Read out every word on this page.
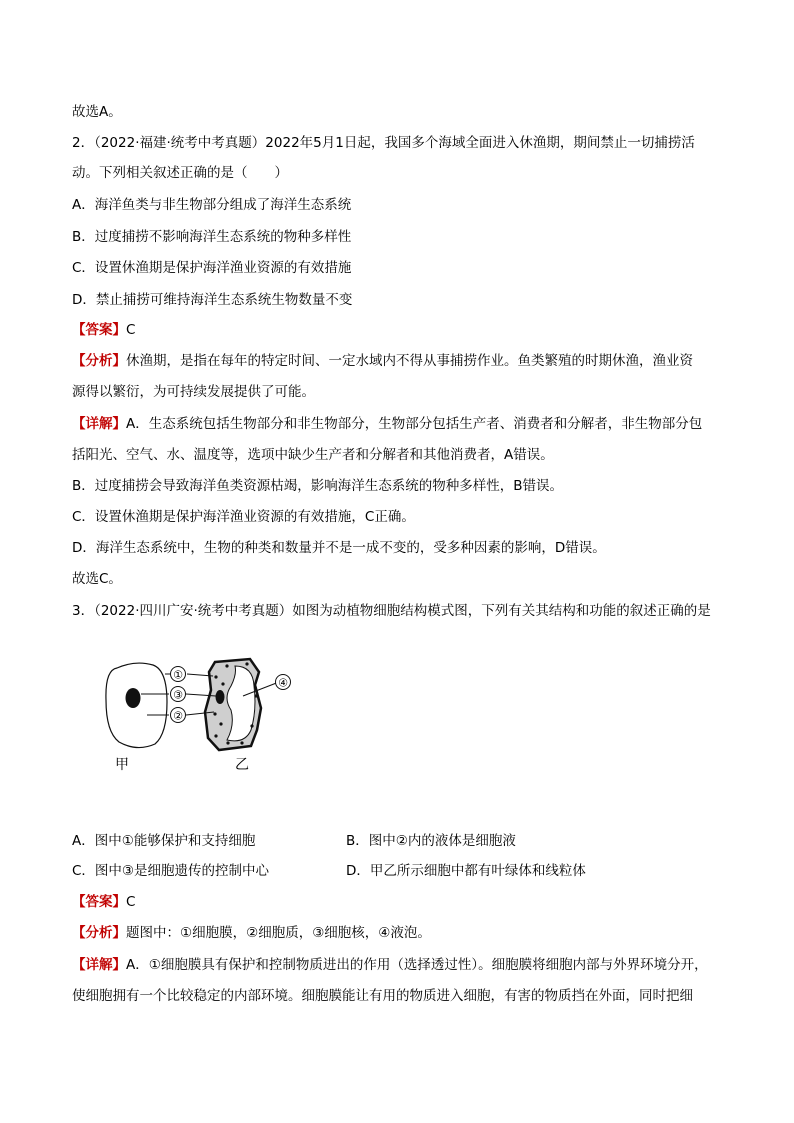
故选A。
2．（2022·福建·统考中考真题）2022年5月1日起，我国多个海域全面进入休渔期，期间禁止一切捕捞活
动。下列相关叙述正确的是（　　）
A．海洋鱼类与非生物部分组成了海洋生态系统
B．过度捕捞不影响海洋生态系统的物种多样性
C．设置休渔期是保护海洋渔业资源的有效措施
D．禁止捕捞可维持海洋生态系统生物数量不变
【答案】C
【分析】休渔期，是指在每年的特定时间、一定水域内不得从事捕捞作业。鱼类繁殖的时期休渔，渔业资
源得以繁衍，为可持续发展提供了可能。
【详解】A．生态系统包括生物部分和非生物部分，生物部分包括生产者、消费者和分解者，非生物部分包
括阳光、空气、水、温度等，选项中缺少生产者和分解者和其他消费者，A错误。
B．过度捕捞会导致海洋鱼类资源枯竭，影响海洋生态系统的物种多样性，B错误。
C．设置休渔期是保护海洋渔业资源的有效措施，C正确。
D．海洋生态系统中，生物的种类和数量并不是一成不变的，受多种因素的影响，D错误。
故选C。
3．（2022·四川广安·统考中考真题）如图为动植物细胞结构模式图，下列有关其结构和功能的叙述正确的是
①
③
②
④
甲	乙
A．图中①能够保护和支持细胞	B．图中②内的液体是细胞液
C．图中③是细胞遗传的控制中心	D．甲乙所示细胞中都有叶绿体和线粒体
【答案】C
【分析】题图中：①细胞膜，②细胞质，③细胞核，④液泡。
【详解】A．①细胞膜具有保护和控制物质进出的作用（选择透过性）。细胞膜将细胞内部与外界环境分开，
使细胞拥有一个比较稳定的内部环境。细胞膜能让有用的物质进入细胞，有害的物质挡在外面，同时把细
